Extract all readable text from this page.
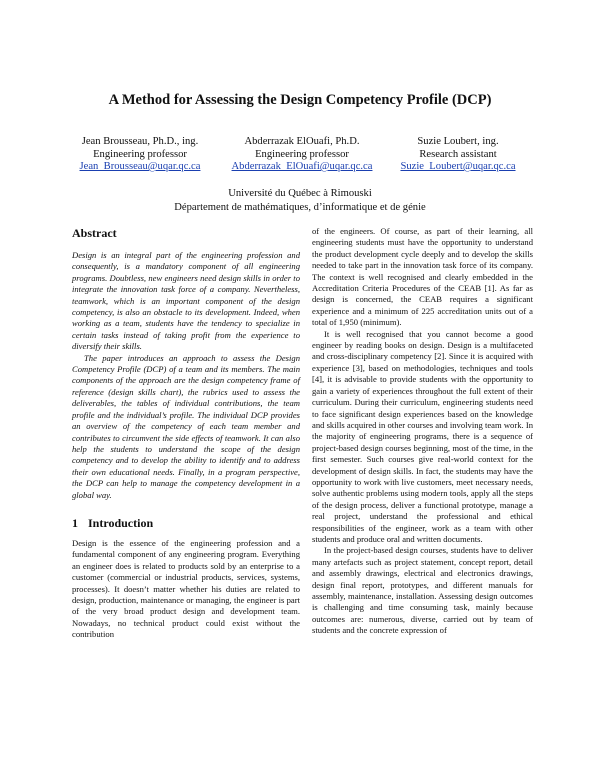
A Method for Assessing the Design Competency Profile (DCP)
Jean Brousseau, Ph.D., ing.
Engineering professor
Jean_Brousseau@uqar.qc.ca
Abderrazak ElOuafi, Ph.D.
Engineering professor
Abderrazak_ElOuafi@uqar.qc.ca
Suzie Loubert, ing.
Research assistant
Suzie_Loubert@uqar.qc.ca
Université du Québec à Rimouski
Département de mathématiques, d’informatique et de génie
Abstract

Design is an integral part of the engineering profession and consequently, is a mandatory component of all engineering programs. Doubtless, new engineers need design skills in order to integrate the innovation task force of a company. Nevertheless, teamwork, which is an important component of the design competency, is also an obstacle to its development. Indeed, when working as a team, students have the tendency to specialize in certain tasks instead of taking profit from the experience to diversify their skills.

The paper introduces an approach to assess the Design Competency Profile (DCP) of a team and its members. The main components of the approach are the design competency frame of reference (design skills chart), the rubrics used to assess the deliverables, the tables of individual contributions, the team profile and the individual’s profile. The individual DCP provides an overview of the competency of each team member and contributes to circumvent the side effects of teamwork. It can also help the students to understand the scope of the design competency and to develop the ability to identify and to address their own educational needs. Finally, in a program perspective, the DCP can help to manage the competency development in a global way.

1 Introduction

Design is the essence of the engineering profession and a fundamental component of any engineering program. Everything an engineer does is related to products sold by an enterprise to a customer (commercial or industrial products, services, systems, processes). It doesn’t matter whether his duties are related to design, production, maintenance or managing, the engineer is part of the very broad product design and development team. Nowadays, no technical product could exist without the contribution

of the engineers. Of course, as part of their learning, all engineering students must have the opportunity to understand the product development cycle deeply and to develop the skills needed to take part in the innovation task force of its company. The context is well recognised and clearly embedded in the Accreditation Criteria Procedures of the CEAB [1]. As far as design is concerned, the CEAB requires a significant experience and a minimum of 225 accreditation units out of a total of 1,950 (minimum).

It is well recognised that you cannot become a good engineer by reading books on design. Design is a multifaceted and cross-disciplinary competency [2]. Since it is acquired with experience [3], based on methodologies, techniques and tools [4], it is advisable to provide students with the opportunity to gain a variety of experiences throughout the full extent of their curriculum. During their curriculum, engineering students need to face significant design experiences based on the knowledge and skills acquired in other courses and involving team work. In the majority of engineering programs, there is a sequence of project-based design courses beginning, most of the time, in the first semester. Such courses give real-world context for the development of design skills. In fact, the students may have the opportunity to work with live customers, meet necessary needs, solve authentic problems using modern tools, apply all the steps of the design process, deliver a functional prototype, manage a real project, understand the professional and ethical responsibilities of the engineer, work as a team with other students and produce oral and written documents.

In the project-based design courses, students have to deliver many artefacts such as project statement, concept report, detail and assembly drawings, electrical and electronics drawings, design final report, prototypes, and different manuals for assembly, maintenance, installation. Assessing design outcomes is challenging and time consuming task, mainly because outcomes are: numerous, diverse, carried out by team of students and the concrete expression of
